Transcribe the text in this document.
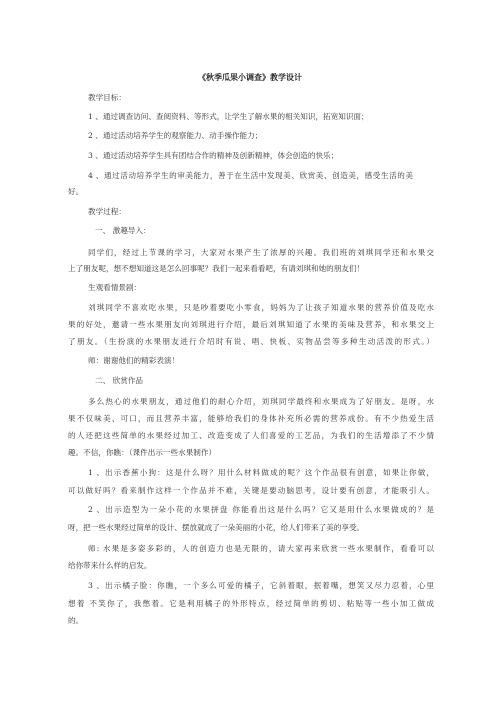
《秋季瓜果小调查》教学设计
教学目标：
1 、通过调查访问、查阅资料、等形式，让学生了解水果的相关知识，拓宽知识面；
2 、通过活动培养学生的观察能力、动手操作能力；
3 、通过活动培养学生具有团结合作的精神及创新精神，体会创造的快乐；
4 、通过活动培养学生的审美能力，善于在生活中发现美、欣赏美、创造美，感受生活的美
好。
教学过程：
一、 激趣导入：
同学们，经过上节课的学习，大家对水果产生了浓厚的兴趣。我们班的刘琪同学还和水果交
上了朋友呢，想不想知道这是怎么回事呢？我们一起来看看吧，有请刘琪和她的朋友们！
生观看情景剧：
刘琪同学不喜欢吃水果，只是吵着要吃小零食，妈妈为了让孩子知道水果的营养价值及吃水
果的好处，邀请一些水果朋友向刘琪进行介绍，最后刘琪知道了水果的美味及营养，和水果交上
了朋友。（生扮演的水果朋友进行介绍时有说、唱、快板、实物品尝等多种生动活泼的形式。）
师：谢谢他们的精彩表演！
二、 欣赏作品
多么热心的水果朋友，通过他们的耐心介绍，刘琪同学最终和水果成为了好朋友。是呀，水
果不仅味美、可口，而且营养丰富，能够给我们的身体补充所必需的营养成份。有不少热爱生活
的人还把这些简单的水果经过加工、改造变成了人们喜爱的工艺品，为我们的生活增添了不少情
趣。不信，你瞧：（课件出示一些水果制作）
1 、出示香蕉小狗：这是什么呀？用什么材料做成的呢？这个作品很有创意，如果让你做，
可以做好吗？看来制作这样一个作品并不难，关键是要动脑思考，设计要有创意，才能吸引人。
2 、出示造型为一朵小花的水果拼盘 你能看出这是什么吗？它又是用什么水果做成的？是
呀，把一些水果经过简单的设计、摆放就成了一朵美丽的小花，给人们带来了美的享受。
师: 水果是多姿多彩的，人的创造力也是无限的，请大家再来欣赏一些水果制作，看看可以
给你带来什么样的启发。
3 、出示橘子脸：你瞧，一个多么可爱的橘子，它斜着眼，抿着嘴，想笑又尽力忍着，心里
想着 不笑你了，我憋着。它是利用橘子的外形特点，经过简单的剪切、粘贴等一些小加工做成
的。
